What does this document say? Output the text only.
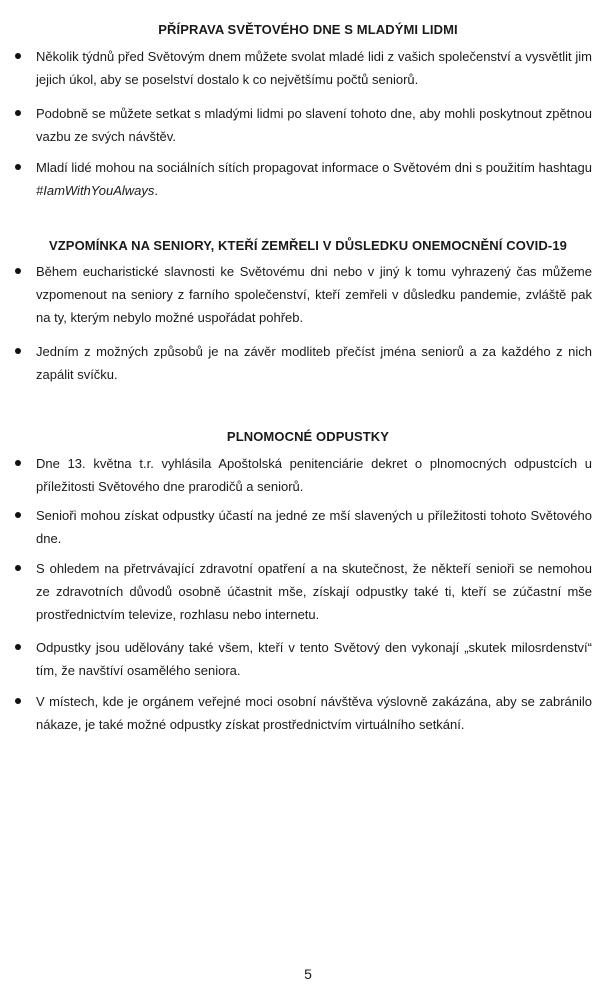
PŘÍPRAVA SVĚTOVÉHO DNE S MLADÝMI LIDMI

Několik týdnů před Světovým dnem můžete svolat mladé lidi z vašich společenství a vysvětlit jim jejich úkol, aby se poselství dostalo k co největšímu počtů seniorů.

Podobně se můžete setkat s mladými lidmi po slavení tohoto dne, aby mohli poskytnout zpětnou vazbu ze svých návštěv.

Mladí lidé mohou na sociálních sítích propagovat informace o Světovém dni s použitím hashtagu #IamWithYouAlways.

VZPOMÍNKA NA SENIORY, KTEŘÍ ZEMŘELI V DŮSLEDKU ONEMOCNĚNÍ COVID-19

Během eucharistické slavnosti ke Světovému dni nebo v jiný k tomu vyhrazený čas můžeme vzpomenout na seniory z farního společenství, kteří zemřeli v důsledku pandemie, zvláště pak na ty, kterým nebylo možné uspořádat pohřeb.

Jedním z možných způsobů je na závěr modliteb přečíst jména seniorů a za každého z nich zapálit svíčku.

PLNOMOCNÉ ODPUSTKY

Dne 13. května t.r. vyhlásila Apoštolská penitenciárie dekret o plnomocných odpustcích u příležitosti Světového dne prarodičů a seniorů.

Senioři mohou získat odpustky účastí na jedné ze mší slavených u příležitosti tohoto Světového dne.

S ohledem na přetrvávající zdravotní opatření a na skutečnost, že někteří senioři se nemohou ze zdravotních důvodů osobně účastnit mše, získají odpustky také ti, kteří se zúčastní mše prostřednictvím televize, rozhlasu nebo internetu.

Odpustky jsou udělovány také všem, kteří v tento Světový den vykonají „skutek milosrdenství“ tím, že navštíví osamělého seniora.

V místech, kde je orgánem veřejné moci osobní návštěva výslovně zakázána, aby se zabránilo nákaze, je také možné odpustky získat prostřednictvím virtuálního setkání.

5
